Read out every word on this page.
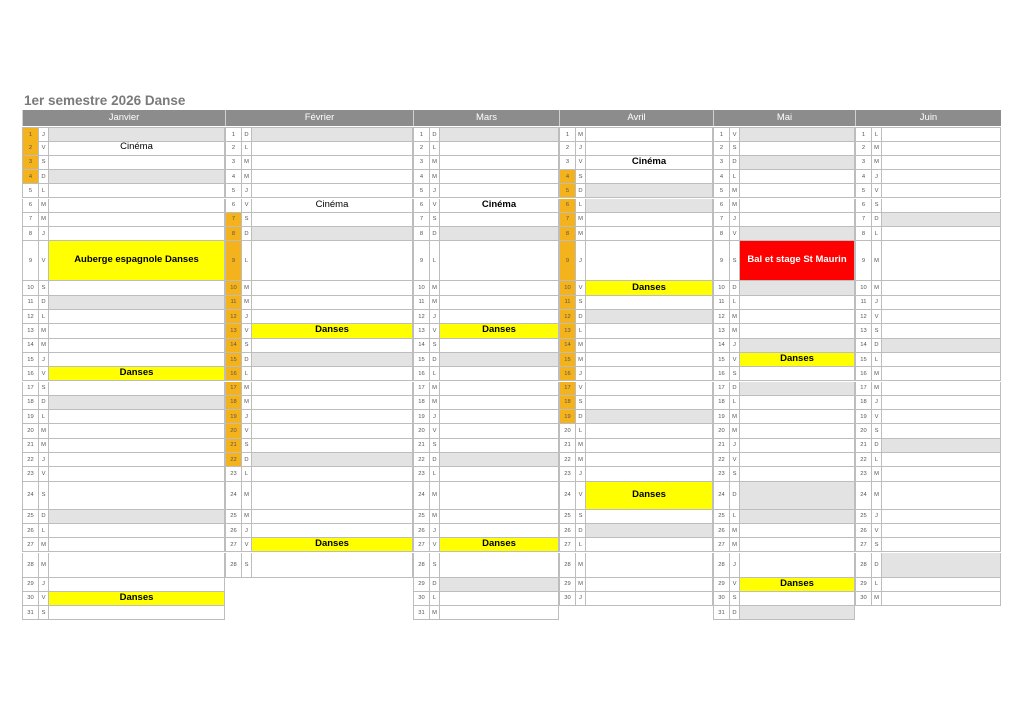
1er semestre 2026 Danse
Janvier
1	J
2	V	Cinéma
3	S
4	D
5	L
6	M
7	M
8	J
9	V	Auberge espagnole Danses
10	S
11	D
12	L
13	M
14	M
15	J
16	V	Danses
17	S
18	D
19	L
20	M
21	M
22	J
23	V
24	S
25	D
26	L
27	M
28	M
29	J
30	V	Danses
31	S
Février
1	D
2	L
3	M
4	M
5	J
6	V	Cinéma
7	S
8	D
9	L
10	M
11	M
12	J
13	V	Danses
14	S
15	D
16	L
17	M
18	M
19	J
20	V
21	S
22	D
23	L
24	M
25	M
26	J
27	V	Danses
28	S
Mars
1	D
2	L
3	M
4	M
5	J
6	V	Cinéma
7	S
8	D
9	L
10	M
11	M
12	J
13	V	Danses
14	S
15	D
16	L
17	M
18	M
19	J
20	V
21	S
22	D
23	L
24	M
25	M
26	J
27	V	Danses
28	S
29	D
30	L
31	M
Avril
1	M
2	J
3	V	Cinéma
4	S
5	D
6	L
7	M
8	M
9	J
10	V	Danses
11	S
12	D
13	L
14	M
15	M
16	J
17	V
18	S
19	D
20	L
21	M
22	M
23	J
24	V	Danses
25	S
26	D
27	L
28	M
29	M
30	J
Mai
1	V
2	S
3	D
4	L
5	M
6	M
7	J
8	V
9	S	Bal et stage St Maurin
10	D
11	L
12	M
13	M
14	J
15	V	Danses
16	S
17	D
18	L
19	M
20	M
21	J
22	V
23	S
24	D
25	L
26	M
27	M
28	J
29	V	Danses
30	S
31	D
Juin
1	L
2	M
3	M
4	J
5	V
6	S
7	D
8	L
9	M
10	M
11	J
12	V
13	S
14	D
15	L
16	M
17	M
18	J
19	V
20	S
21	D
22	L
23	M
24	M
25	J
26	V
27	S
28	D
29	L
30	M
